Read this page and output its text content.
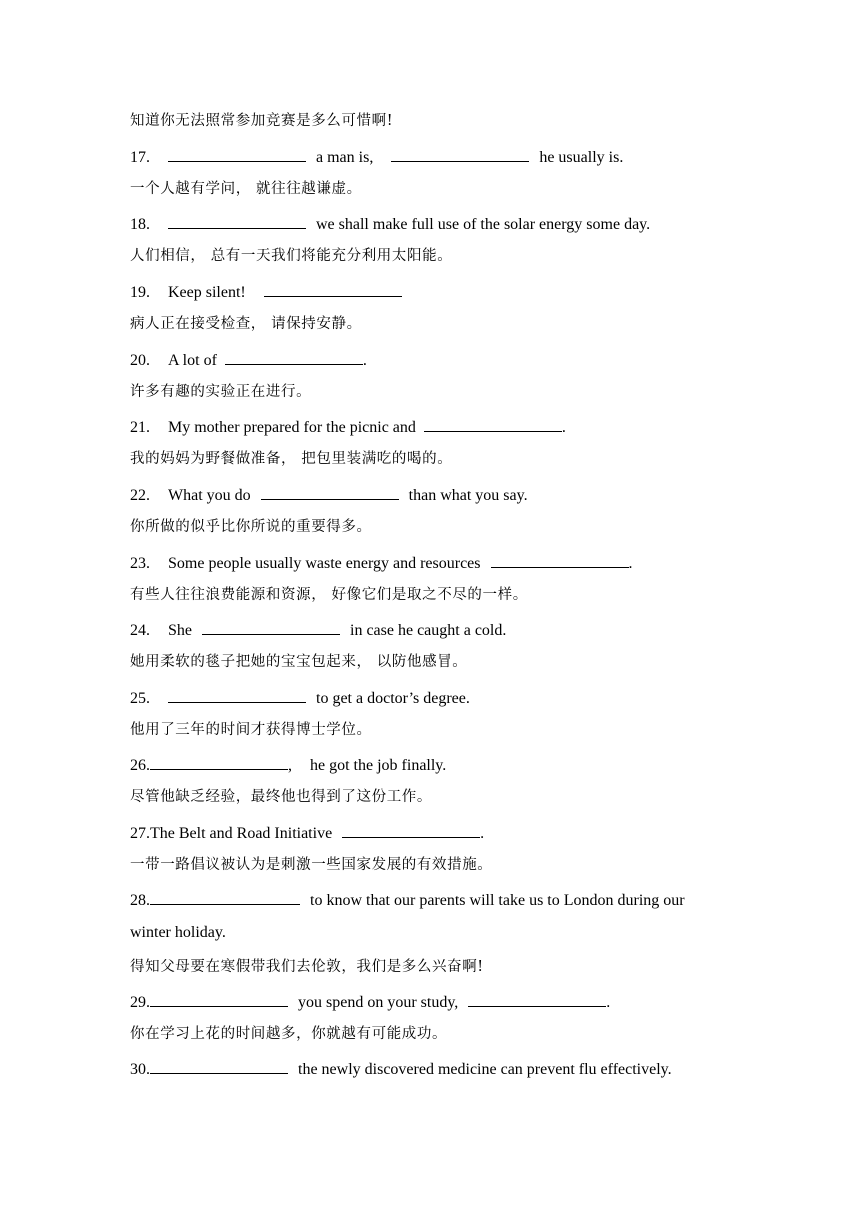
知道你无法照常参加竞赛是多么可惜啊!
17.	a man is,	he usually is.
一个人越有学问， 就往往越谦虚。
18.	we shall make full use of the solar energy some day.
人们相信， 总有一天我们将能充分利用太阳能。
19. Keep silent!
病人正在接受检查， 请保持安静。
20. A lot of	.
许多有趣的实验正在进行。
21. My mother prepared for the picnic and	.
我的妈妈为野餐做准备， 把包里装满吃的喝的。
22. What you do	than what you say.
你所做的似乎比你所说的重要得多。
23. Some people usually waste energy and resources	.
有些人往往浪费能源和资源， 好像它们是取之不尽的一样。
24. She	in case he caught a cold.
她用柔软的毯子把她的宝宝包起来， 以防他感冒。
25.	to get a doctor’s degree.
他用了三年的时间才获得博士学位。
26.	, he got the job finally.
尽管他缺乏经验，最终他也得到了这份工作。
27.The Belt and Road Initiative	.
一带一路倡议被认为是刺激一些国家发展的有效措施。
28.	to know that our parents will take us to London during our
winter holiday.
得知父母要在寒假带我们去伦敦，我们是多么兴奋啊!
29.	you spend on your study,	.
你在学习上花的时间越多，你就越有可能成功。
30.	the newly discovered medicine can prevent flu effectively.
